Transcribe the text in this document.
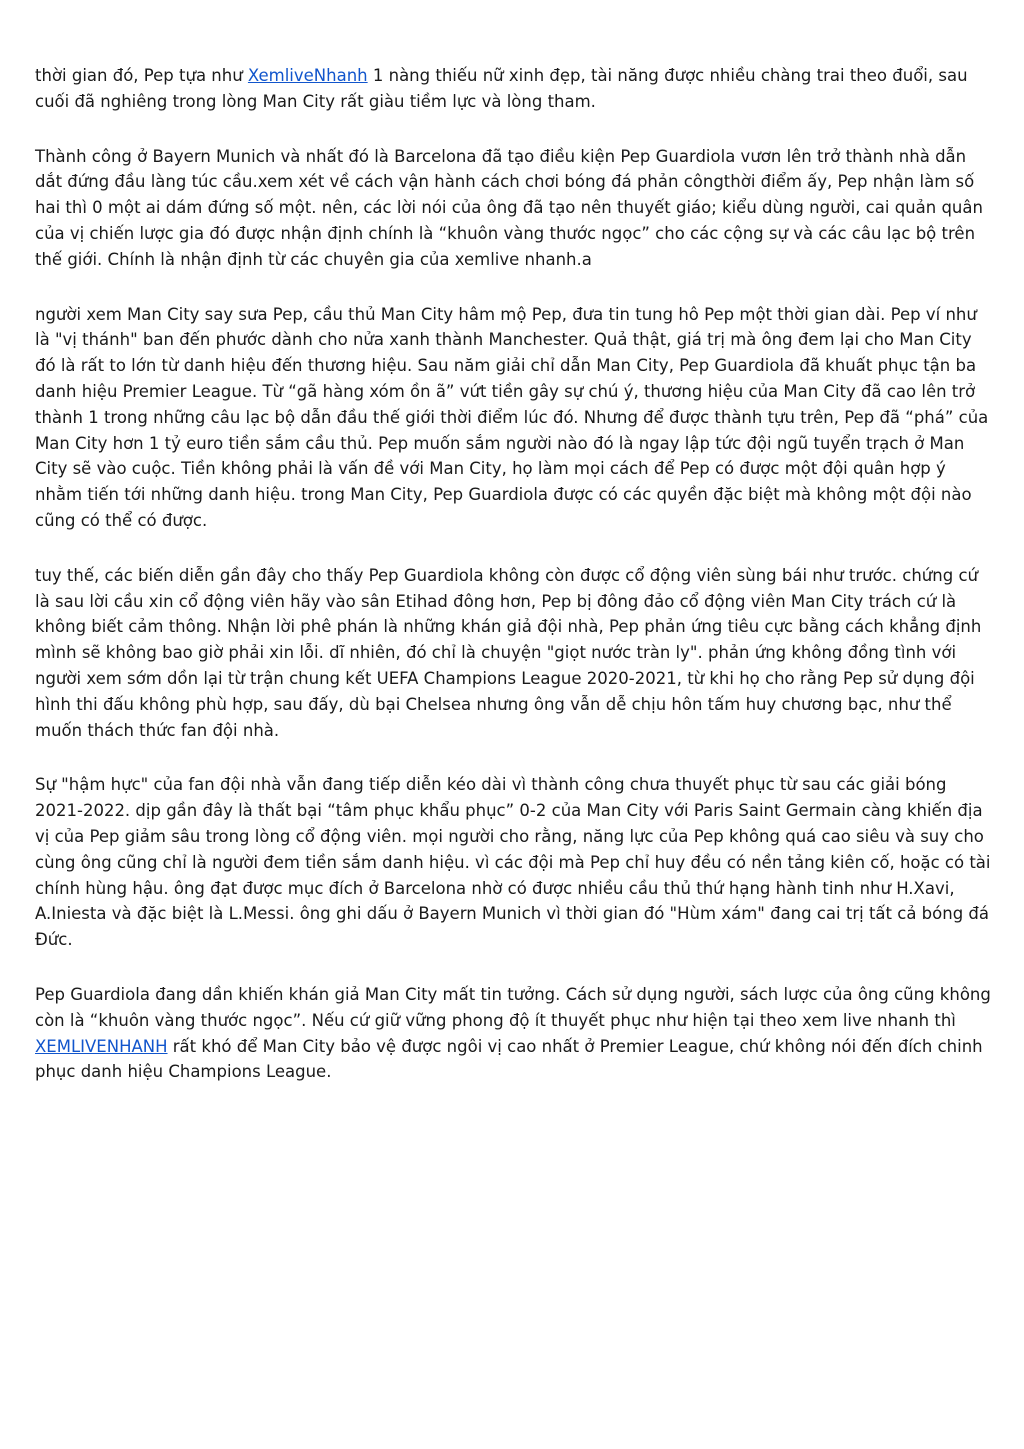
thời gian đó, Pep tựa như XemliveNhanh 1 nàng thiếu nữ xinh đẹp, tài năng được nhiều chàng trai theo đuổi, sau cuối đã nghiêng trong lòng Man City rất giàu tiềm lực và lòng tham.

Thành công ở Bayern Munich và nhất đó là Barcelona đã tạo điều kiện Pep Guardiola vươn lên trở thành nhà dẫn dắt đứng đầu làng túc cầu.xem xét về cách vận hành cách chơi bóng đá phản côngthời điểm ấy, Pep nhận làm số hai thì 0 một ai dám đứng số một. nên, các lời nói của ông đã tạo nên thuyết giáo; kiểu dùng người, cai quản quân của vị chiến lược gia đó được nhận định chính là “khuôn vàng thước ngọc” cho các cộng sự và các câu lạc bộ trên thế giới. Chính là nhận định từ các chuyên gia của xemlive nhanh.a

người xem Man City say sưa Pep, cầu thủ Man City hâm mộ Pep, đưa tin tung hô Pep một thời gian dài. Pep ví như là "vị thánh" ban đến phước dành cho nửa xanh thành Manchester. Quả thật, giá trị mà ông đem lại cho Man City đó là rất to lớn từ danh hiệu đến thương hiệu. Sau năm giải chỉ dẫn Man City, Pep Guardiola đã khuất phục tận ba danh hiệu Premier League. Từ “gã hàng xóm ồn ã” vứt tiền gây sự chú ý, thương hiệu của Man City đã cao lên trở thành 1 trong những câu lạc bộ dẫn đầu thế giới thời điểm lúc đó. Nhưng để được thành tựu trên, Pep đã “phá” của Man City hơn 1 tỷ euro tiền sắm cầu thủ. Pep muốn sắm người nào đó là ngay lập tức đội ngũ tuyển trạch ở Man City sẽ vào cuộc. Tiền không phải là vấn đề với Man City, họ làm mọi cách để Pep có được một đội quân hợp ý nhằm tiến tới những danh hiệu. trong Man City, Pep Guardiola được có các quyền đặc biệt mà không một đội nào cũng có thể có được.

tuy thế, các biến diễn gần đây cho thấy Pep Guardiola không còn được cổ động viên sùng bái như trước. chứng cứ là sau lời cầu xin cổ động viên hãy vào sân Etihad đông hơn, Pep bị đông đảo cổ động viên Man City trách cứ là không biết cảm thông. Nhận lời phê phán là những khán giả đội nhà, Pep phản ứng tiêu cực bằng cách khẳng định mình sẽ không bao giờ phải xin lỗi. dĩ nhiên, đó chỉ là chuyện "giọt nước tràn ly". phản ứng không đồng tình với người xem sớm dồn lại từ trận chung kết UEFA Champions League 2020-2021, từ khi họ cho rằng Pep sử dụng đội hình thi đấu không phù hợp, sau đấy, dù bại Chelsea nhưng ông vẫn dễ chịu hôn tấm huy chương bạc, như thể muốn thách thức fan đội nhà.

Sự "hậm hực" của fan đội nhà vẫn đang tiếp diễn kéo dài vì thành công chưa thuyết phục từ sau các giải bóng 2021-2022. dịp gần đây là thất bại “tâm phục khẩu phục” 0-2 của Man City với Paris Saint Germain càng khiến địa vị của Pep giảm sâu trong lòng cổ động viên. mọi người cho rằng, năng lực của Pep không quá cao siêu và suy cho cùng ông cũng chỉ là người đem tiền sắm danh hiệu. vì các đội mà Pep chỉ huy đều có nền tảng kiên cố, hoặc có tài chính hùng hậu. ông đạt được mục đích ở Barcelona nhờ có được nhiều cầu thủ thứ hạng hành tinh như H.Xavi, A.Iniesta và đặc biệt là L.Messi. ông ghi dấu ở Bayern Munich vì thời gian đó "Hùm xám" đang cai trị tất cả bóng đá Đức.

Pep Guardiola đang dần khiến khán giả Man City mất tin tưởng. Cách sử dụng người, sách lược của ông cũng không còn là “khuôn vàng thước ngọc”. Nếu cứ giữ vững phong độ ít thuyết phục như hiện tại theo xem live nhanh thì XEMLIVENHANH rất khó để Man City bảo vệ được ngôi vị cao nhất ở Premier League, chứ không nói đến đích chinh phục danh hiệu Champions League.
